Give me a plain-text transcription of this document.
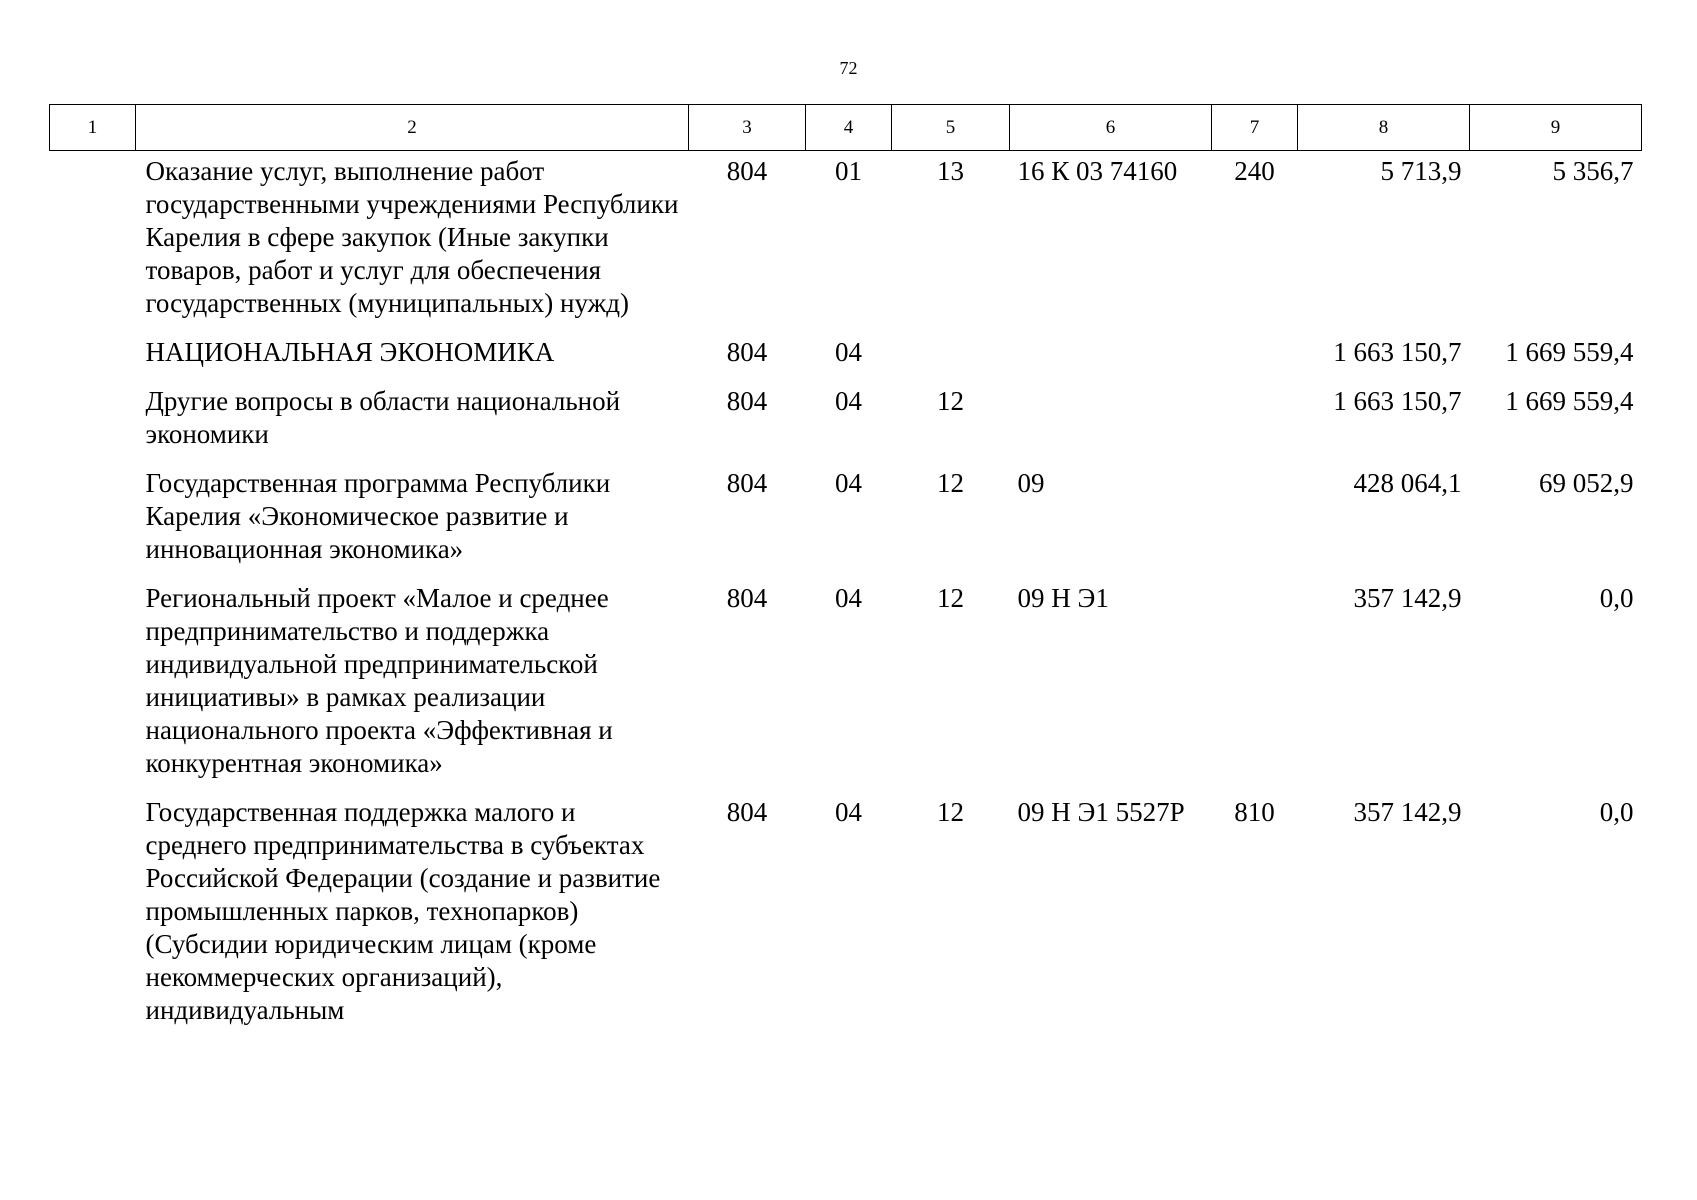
72
1	2	3	4	5	6	7	8	9
	Оказание услуг, выполнение работ государственными учреждениями Республики Карелия в сфере закупок (Иные закупки товаров, работ и услуг для обеспечения государственных (муниципальных) нужд)	804	01	13	16 К 03 74160	240	5 713,9	5 356,7
	НАЦИОНАЛЬНАЯ ЭКОНОМИКА	804	04				1 663 150,7	1 669 559,4
	Другие вопросы в области национальной экономики	804	04	12			1 663 150,7	1 669 559,4
	Государственная программа Республики Карелия «Экономическое развитие и инновационная экономика»	804	04	12	09		428 064,1	69 052,9
	Региональный проект «Малое и среднее предпринимательство и поддержка индивидуальной предпринимательской инициативы» в рамках реализации национального проекта «Эффективная и конкурентная экономика»	804	04	12	09 Н Э1		357 142,9	0,0
	Государственная поддержка малого и среднего предпринимательства в субъектах Российской Федерации (создание и развитие промышленных парков, технопарков) (Субсидии юридическим лицам (кроме некоммерческих организаций), индивидуальным	804	04	12	09 Н Э1 5527Р	810	357 142,9	0,0
